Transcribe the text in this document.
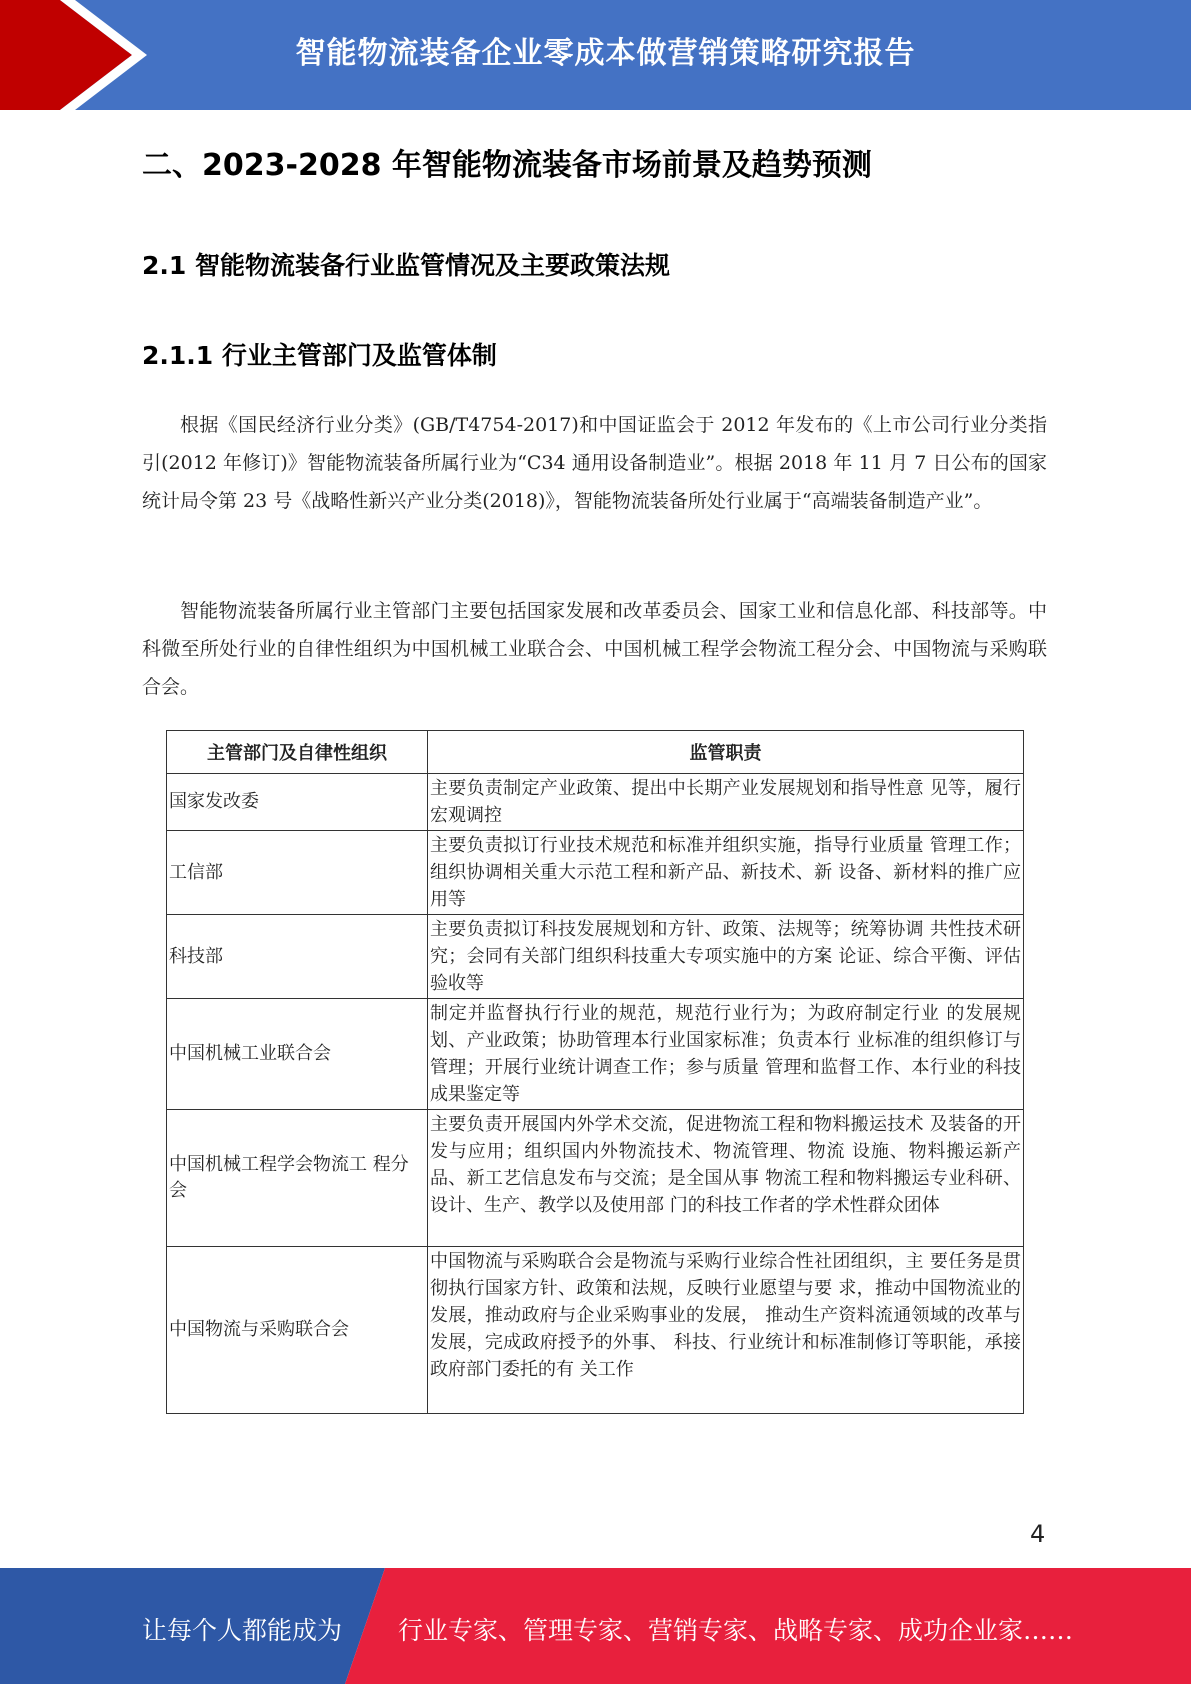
智能物流装备企业零成本做营销策略研究报告
二、2023-2028 年智能物流装备市场前景及趋势预测
2.1 智能物流装备行业监管情况及主要政策法规
2.1.1 行业主管部门及监管体制

根据《国民经济行业分类》(GB/T4754-2017)和中国证监会于 2012 年发布的《上市公司行业分类指引(2012 年修订)》智能物流装备所属行业为“C34 通用设备制造业”。根据 2018 年 11 月 7 日公布的国家统计局令第 23 号《战略性新兴产业分类(2018)》，智能物流装备所处行业属于“高端装备制造产业”。

智能物流装备所属行业主管部门主要包括国家发展和改革委员会、国家工业和信息化部、科技部等。中科微至所处行业的自律性组织为中国机械工业联合会、中国机械工程学会物流工程分会、中国物流与采购联合会。

主管部门及自律性组织	监管职责
国家发改委	主要负责制定产业政策、提出中长期产业发展规划和指导性意 见等，履行宏观调控
工信部	主要负责拟订行业技术规范和标准并组织实施，指导行业质量 管理工作；组织协调相关重大示范工程和新产品、新技术、新 设备、新材料的推广应用等
科技部	主要负责拟订科技发展规划和方针、政策、法规等；统筹协调 共性技术研究；会同有关部门组织科技重大专项实施中的方案 论证、综合平衡、评估验收等
中国机械工业联合会	制定并监督执行行业的规范，规范行业行为；为政府制定行业 的发展规划、产业政策；协助管理本行业国家标准；负责本行 业标准的组织修订与管理；开展行业统计调查工作；参与质量 管理和监督工作、本行业的科技成果鉴定等
中国机械工程学会物流工 程分会	主要负责开展国内外学术交流，促进物流工程和物料搬运技术 及装备的开发与应用；组织国内外物流技术、物流管理、物流 设施、物料搬运新产品、新工艺信息发布与交流；是全国从事 物流工程和物料搬运专业科研、设计、生产、教学以及使用部 门的科技工作者的学术性群众团体
中国物流与采购联合会	中国物流与采购联合会是物流与采购行业综合性社团组织，主 要任务是贯彻执行国家方针、政策和法规，反映行业愿望与要 求，推动中国物流业的发展，推动政府与企业采购事业的发展， 推动生产资料流通领域的改革与发展，完成政府授予的外事、 科技、行业统计和标准制修订等职能，承接政府部门委托的有 关工作
4
让每个人都能成为 行业专家、管理专家、营销专家、战略专家、成功企业家……
